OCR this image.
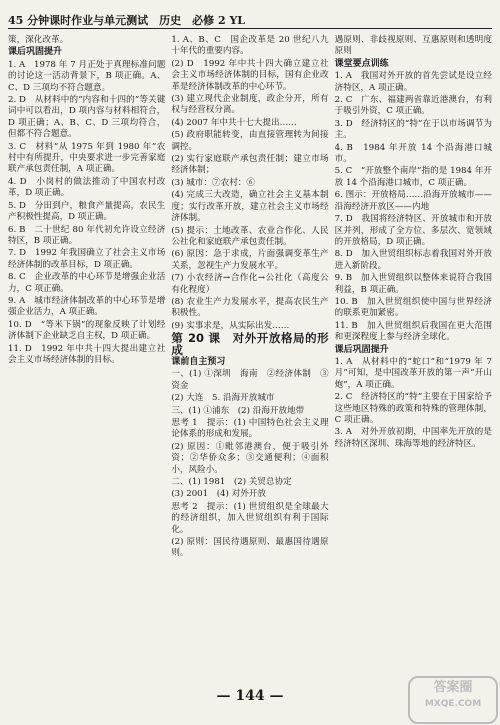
45 分钟课时作业与单元测试　历史　必修 2 YL

策，深化改革。

课后巩固提升

1. A　1978 年 7 月正处于真理标准问题的讨论这一活动背景下，B 项正确。A、C、D 三项均不符合题意。

2. D　从材料中的“内容和十四的”等关键词中可以看出，D 项内容与材料相符合，D 项正确；A、B、C、D 三项均符合，但都不符合题意。

3. C　材料“从 1975 年到 1980 年”农村中有所提升，中央要求进一步完善家庭联产承包责任制，A 项正确。

4. D　小岗村的做法推动了中国农村改革，D 项正确。

5. D　分田到户，粮食产量提高，农民生产积极性提高，D 项正确。

6. B　二十世纪 80 年代初允许设立经济特区，B 项正确。

7. D　1992 年我国确立了社会主义市场经济体制的改革目标，D 项正确。

8. C　企业改革的中心环节是增强企业活力，C 项正确。

9. A　城市经济体制改革的中心环节是增强企业活力，A 项正确。

10. D　“等米下锅”的现象反映了计划经济体制下企业缺乏自主权，D 项正确。

11. D　1992 年中共十四大提出建立社会主义市场经济体制的目标。

1. A、B、C　国企改革是 20 世纪八九十年代的重要内容。

(2) D　1992 年中共十四大确立建立社会主义市场经济体制的目标，国有企业改革是经济体制改革的中心环节。

(3) 建立现代企业制度，政企分开，所有权与经营权分离。

(4) 2007 年中共十七大提出……

(5) 政府职能转变，由直接管理转为间接调控。

(2) 实行家庭联产承包责任制；建立市场经济体制；

(3) 城市：⑦农村：⑥

(4) 完成三大改造，确立社会主义基本制度；实行改革开放，建立社会主义市场经济体制。

(5) 提示：土地改革、农业合作化、人民公社化和家庭联产承包责任制。

(6) 原因：急于求成，片面强调变革生产关系，忽视生产力发展水平。

(7) 小农经济→合作化→公社化（高度公有化程度）

(8) 农业生产力发展水平，提高农民生产积极性。

(9) 实事求是，从实际出发……

第 20 课　对外开放格局的形成

课前自主预习

一、(1) ①深圳　海南　②经济体制　③资金

(2) 大连　5. 沿海开放城市

三、(1) ①浦东　(2) 沿海开放地带

思考 1　提示：(1) 中国特色社会主义理论体系的形成和发展。

(2) 原因：①毗邻港澳台，便于吸引外资；②华侨众多；③交通便利；④面积小，风险小。

二、(1) 1981　(2) 关贸总协定

(3) 2001　(4) 对外开放

思考 2　提示：(1) 世贸组织是全球最大的经济组织，加入世贸组织有利于国际化。

(2) 原则：国民待遇原则、最惠国待遇原则。

遇原则、非歧视原则、互惠原则和透明度原则

课堂要点训练

1. A　我国对外开放的首先尝试是设立经济特区，A 项正确。

2. C　广东、福建两省靠近港澳台，有利于吸引外资，C 项正确。

3. D　经济特区的“特”在于以市场调节为主。

4. B　1984 年开放 14 个沿海港口城市。

5. C　“开放整个南岸”指的是 1984 年开放 14 个沿海港口城市，C 项正确。

6. 图示：开放格局……沿海开放城市——沿海经济开放区——内地

7. D　我国将经济特区、开放城市和开放区并列，形成了全方位、多层次、宽领域的开放格局，D 项正确。

8. D　加入世贸组织标志着我国对外开放进入新阶段。

9. B　加入世贸组织以整体来说符合我国利益，B 项正确。

10. B　加入世贸组织使中国与世界经济的联系更加紧密。

11. B　加入世贸组织后我国在更大范围和更深程度上参与经济全球化。

课后巩固提升

1. A　从材料中的“蛇口”和“1979 年 7 月”可知，是中国改革开放的第一声“开山炮”，A 项正确。

2. C　经济特区的“特”主要在于国家给予这些地区特殊的政策和特殊的管理体制，C 项正确。

3. A　对外开放初期，中国率先开放的是经济特区深圳、珠海等地的经济特区。

— 144 —
答案圈
MXQE.COM
